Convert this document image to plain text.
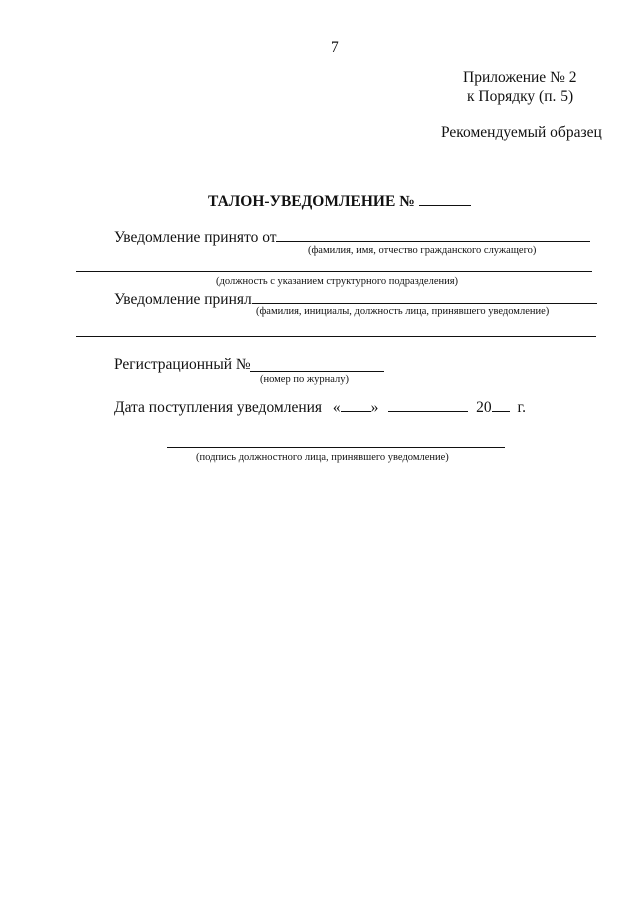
7
Приложение № 2
к Порядку (п. 5)
Рекомендуемый образец
ТАЛОН-УВЕДОМЛЕНИЕ №
Уведомление принято от
(фамилия, имя, отчество гражданского служащего)
(должность с указанием структурного подразделения)
Уведомление принял
(фамилия, инициалы, должность лица, принявшего уведомление)
Регистрационный №
(номер по журналу)
Дата поступления уведомления « »	20 г.
(подпись должностного лица, принявшего уведомление)
